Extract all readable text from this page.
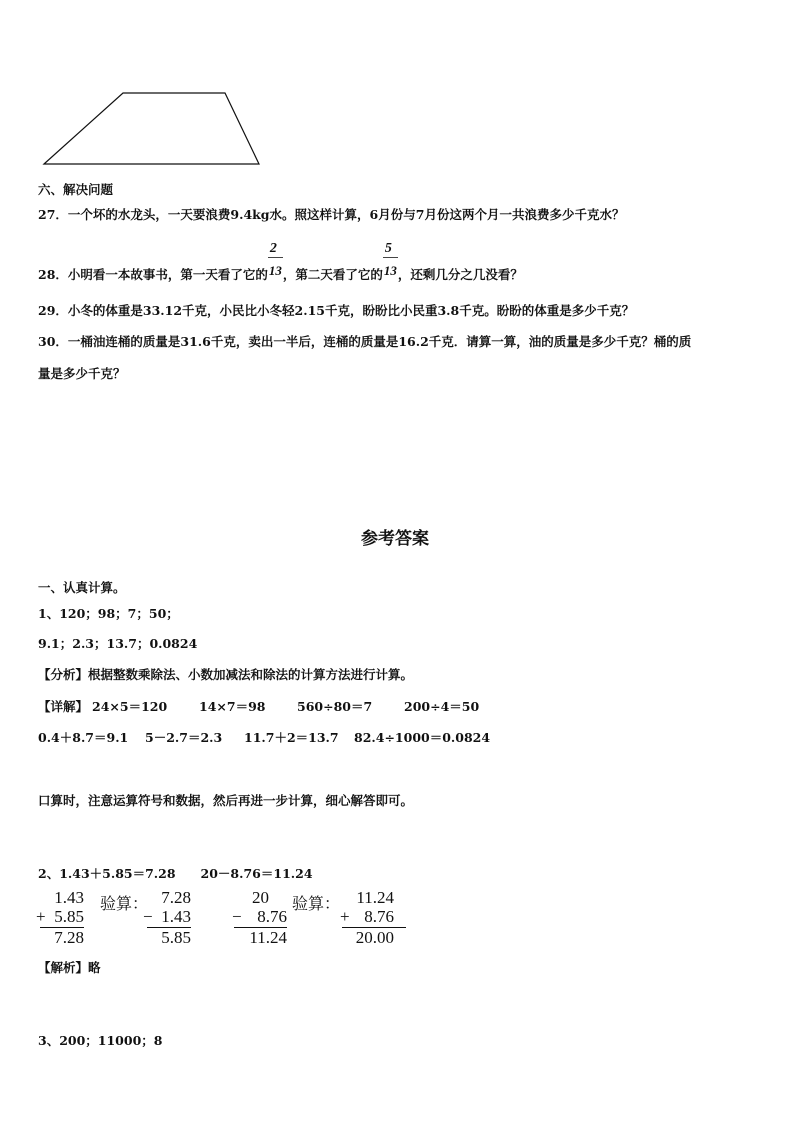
六、解决问题
27．一个坏的水龙头，一天要浪费9.4kg水。照这样计算，6月份与7月份这两个月一共浪费多少千克水？
28．小明看一本故事书，第一天看了它的 $\frac{2}{13}$ ，第二天看了它的 $\frac{5}{13}$ ，还剩几分之几没看？
29．小冬的体重是33.12千克，小民比小冬轻2.15千克，盼盼比小民重3.8千克。盼盼的体重是多少千克？
30．一桶油连桶的质量是31.6千克，卖出一半后，连桶的质量是16.2千克．请算一算，油的质量是多少千克？桶的质
量是多少千克？
参考答案
一、认真计算。
1、120；98；7；50；
9.1；2.3；13.7；0.0824
【分析】根据整数乘除法、小数加减法和除法的计算方法进行计算。
【详解】 24×5＝120	14×7＝98	560÷80＝7	200÷4＝50
0.4＋8.7＝9.1 5－2.7＝2.3 11.7＋2＝13.7 82.4÷1000＝0.0824
口算时，注意运算符号和数据，然后再进一步计算，细心解答即可。
2、1.43＋5.85＝7.28　　20－8.76＝11.24
1.43
+ 5.85
7.28
验算： 7.28
− 1.43
5.85
20
− 8.76
11.24
验算： 11.24
+ 8.76
20.00
【解析】略
3、200；11000；8
